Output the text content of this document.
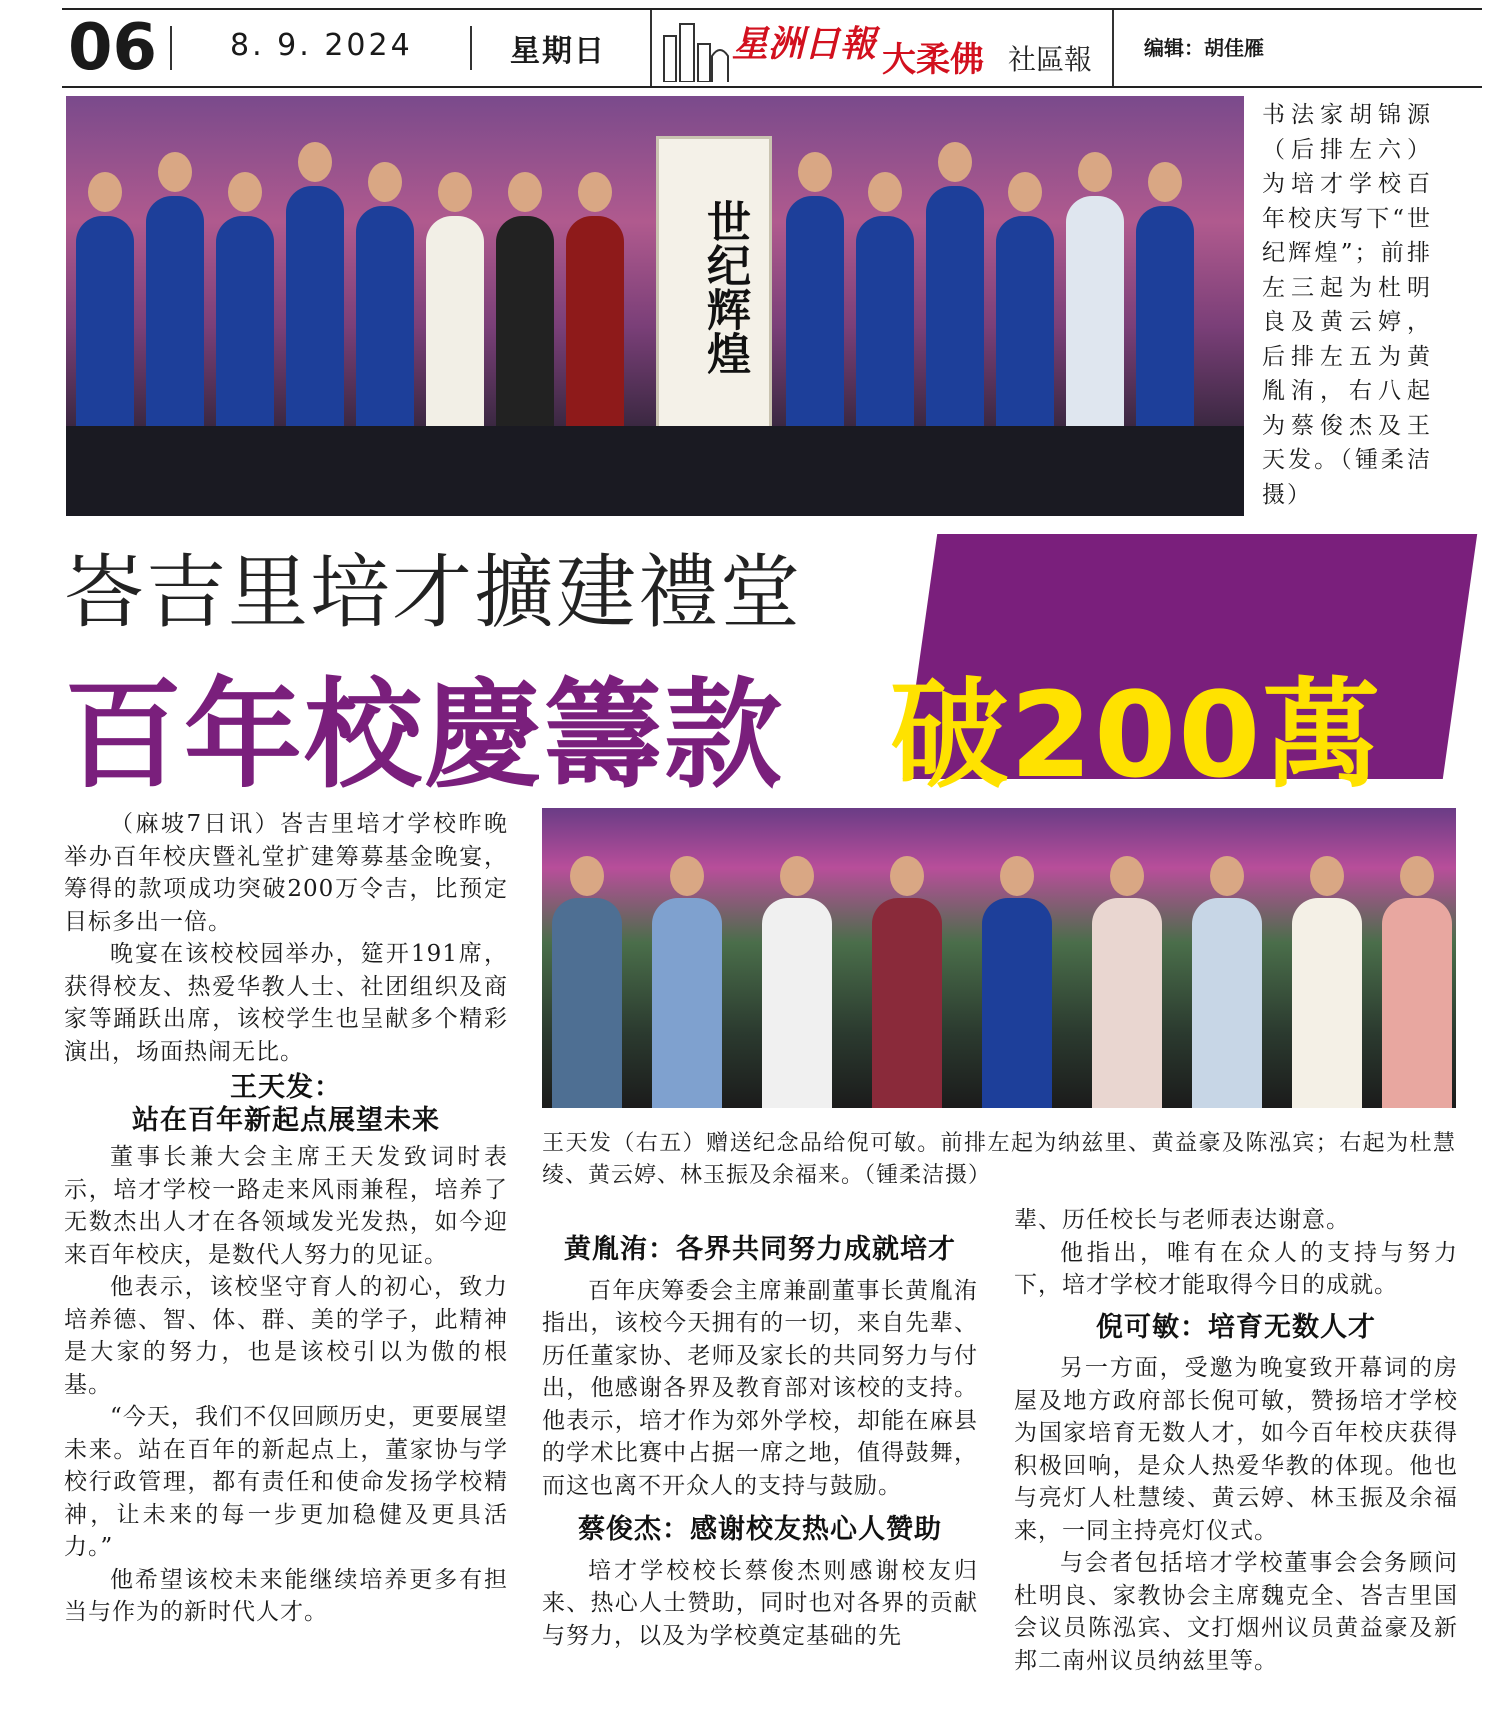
06 8. 9. 2024	星期日	星洲日報 大柔佛 社區報	编辑：胡佳雁
世纪辉煌
书法家胡锦源（后排左六）为培才学校百年校庆写下“世纪辉煌”；前排左三起为杜明良及黄云婷，后排左五为黄胤洧，右八起为蔡俊杰及王天发。（锺柔洁摄）
峇吉里培才擴建禮堂
百年校慶籌款 破200萬

（麻坡7日讯）峇吉里培才学校昨晚举办百年校庆暨礼堂扩建筹募基金晚宴，筹得的款项成功突破200万令吉，比预定目标多出一倍。

晚宴在该校校园举办，筵开191席，获得校友、热爱华教人士、社团组织及商家等踊跃出席，该校学生也呈献多个精彩演出，场面热闹无比。

王天发：
站在百年新起点展望未来

董事长兼大会主席王天发致词时表示，培才学校一路走来风雨兼程，培养了无数杰出人才在各领域发光发热，如今迎来百年校庆，是数代人努力的见证。

他表示，该校坚守育人的初心，致力培养德、智、体、群、美的学子，此精神是大家的努力，也是该校引以为傲的根基。

“今天，我们不仅回顾历史，更要展望未来。站在百年的新起点上，董家协与学校行政管理，都有责任和使命发扬学校精神，让未来的每一步更加稳健及更具活力。”

他希望该校未来能继续培养更多有担当与作为的新时代人才。

王天发（右五）赠送纪念品给倪可敏。前排左起为纳兹里、黄益豪及陈泓宾；右起为杜慧绫、黄云婷、林玉振及余福来。（锺柔洁摄）
黄胤洧：各界共同努力成就培才

百年庆筹委会主席兼副董事长黄胤洧指出，该校今天拥有的一切，来自先辈、历任董家协、老师及家长的共同努力与付出，他感谢各界及教育部对该校的支持。他表示，培才作为郊外学校，却能在麻县的学术比赛中占据一席之地，值得鼓舞，而这也离不开众人的支持与鼓励。

蔡俊杰：感谢校友热心人赞助

培才学校校长蔡俊杰则感谢校友归来、热心人士赞助，同时也对各界的贡献与努力，以及为学校奠定基础的先

辈、历任校长与老师表达谢意。

他指出，唯有在众人的支持与努力下，培才学校才能取得今日的成就。

倪可敏：培育无数人才

另一方面，受邀为晚宴致开幕词的房屋及地方政府部长倪可敏，赞扬培才学校为国家培育无数人才，如今百年校庆获得积极回响，是众人热爱华教的体现。他也与亮灯人杜慧绫、黄云婷、林玉振及余福来，一同主持亮灯仪式。

与会者包括培才学校董事会会务顾问杜明良、家教协会主席魏克全、峇吉里国会议员陈泓宾、文打烟州议员黄益豪及新邦二南州议员纳兹里等。
